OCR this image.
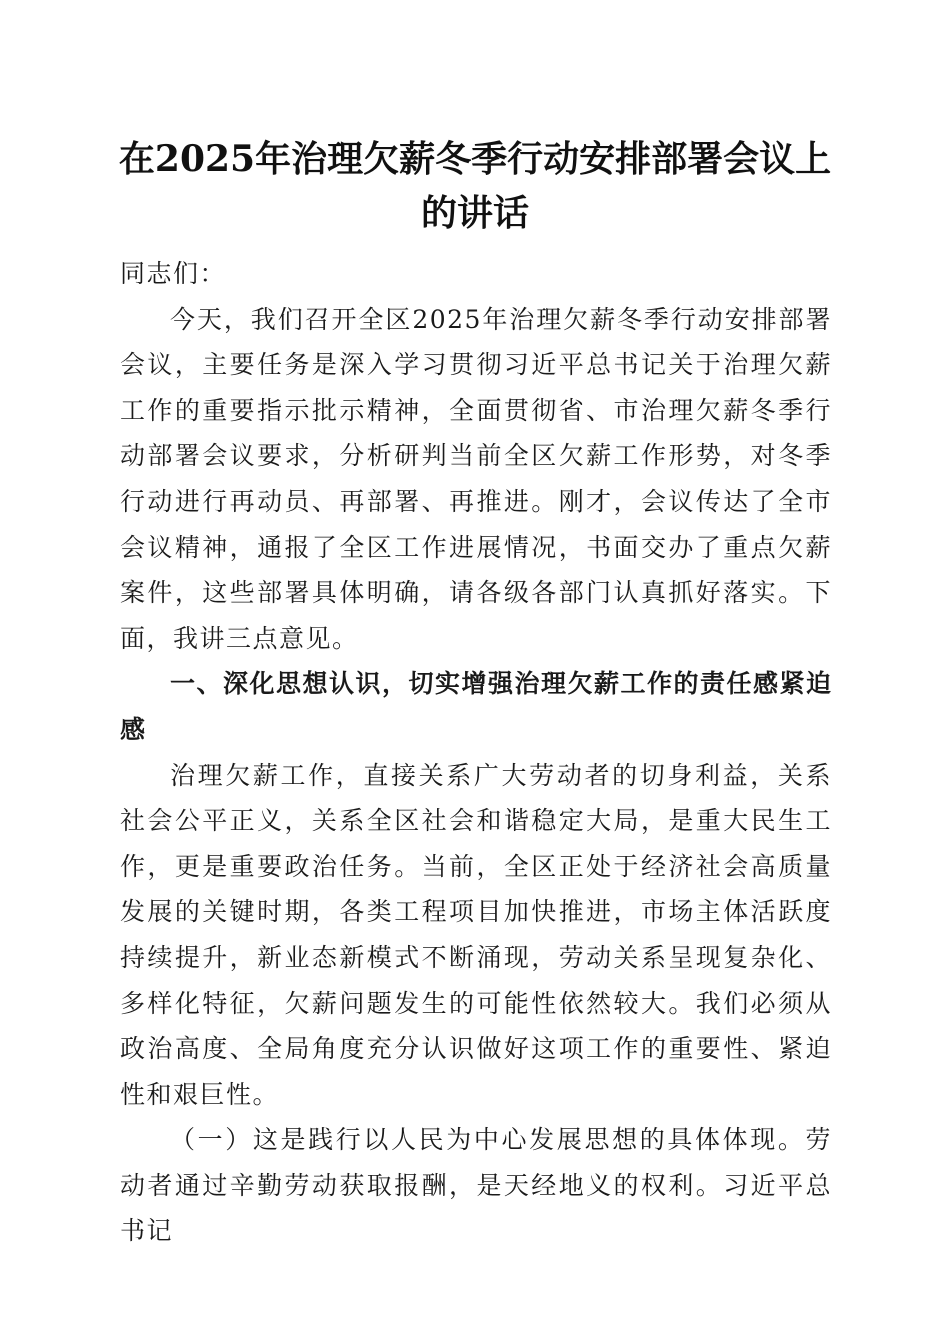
在2025年治理欠薪冬季行动安排部署会议上
的讲话

同志们：

今天，我们召开全区2025年治理欠薪冬季行动安排部署会议，主要任务是深入学习贯彻习近平总书记关于治理欠薪工作的重要指示批示精神，全面贯彻省、市治理欠薪冬季行动部署会议要求，分析研判当前全区欠薪工作形势，对冬季行动进行再动员、再部署、再推进。刚才，会议传达了全市会议精神，通报了全区工作进展情况，书面交办了重点欠薪案件，这些部署具体明确，请各级各部门认真抓好落实。下面，我讲三点意见。

一、深化思想认识，切实增强治理欠薪工作的责任感紧迫感

治理欠薪工作，直接关系广大劳动者的切身利益，关系社会公平正义，关系全区社会和谐稳定大局，是重大民生工作，更是重要政治任务。当前，全区正处于经济社会高质量发展的关键时期，各类工程项目加快推进，市场主体活跃度持续提升，新业态新模式不断涌现，劳动关系呈现复杂化、多样化特征，欠薪问题发生的可能性依然较大。我们必须从政治高度、全局角度充分认识做好这项工作的重要性、紧迫性和艰巨性。

（一）这是践行以人民为中心发展思想的具体体现。劳动者通过辛勤劳动获取报酬，是天经地义的权利。习近平总书记
